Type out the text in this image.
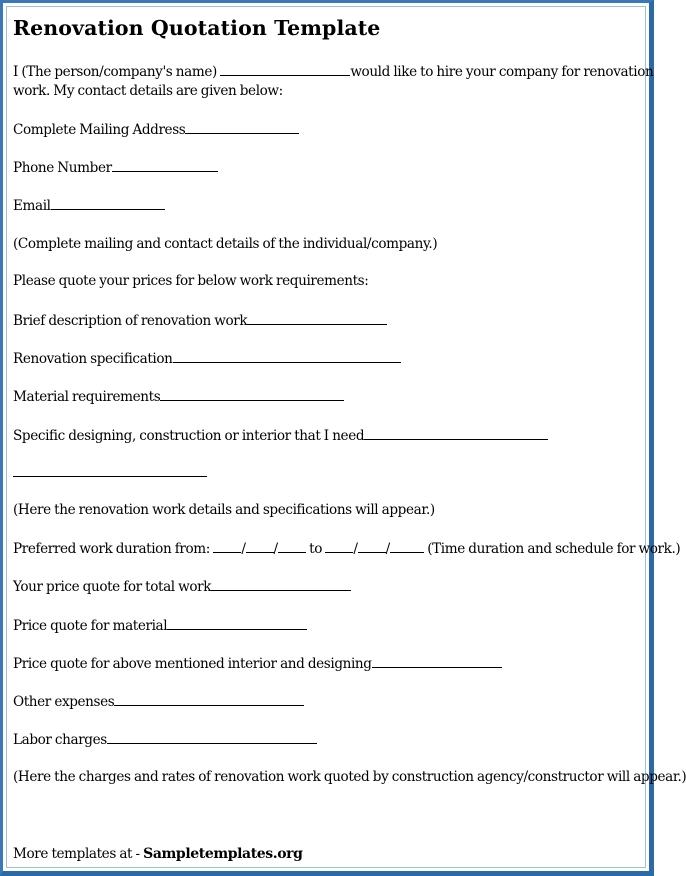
Renovation Quotation Template
I (The person/company's name)	would like to hire your company for renovation
work. My contact details are given below:
Complete Mailing Address
Phone Number
Email
(Complete mailing and contact details of the individual/company.)
Please quote your prices for below work requirements:
Brief description of renovation work
Renovation specification
Material requirements
Specific designing, construction or interior that I need
(Here the renovation work details and specifications will appear.)
Preferred work duration from: / / to / /	(Time duration and schedule for work.)
Your price quote for total work
Price quote for material
Price quote for above mentioned interior and designing
Other expenses
Labor charges
(Here the charges and rates of renovation work quoted by construction agency/constructor will appear.)
More templates at - Sampletemplates.org
